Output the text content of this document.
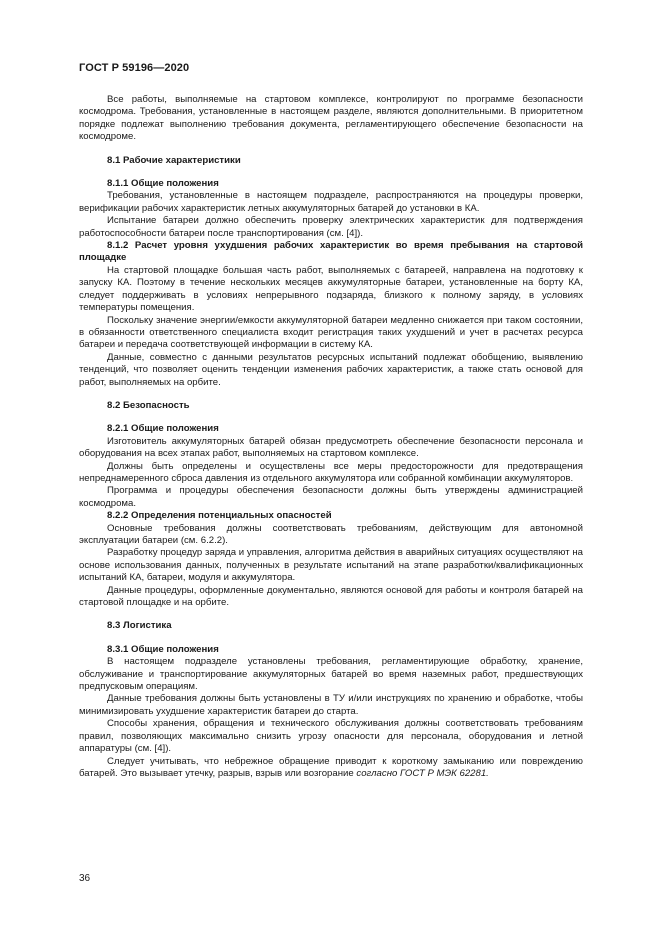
ГОСТ Р 59196—2020

Все работы, выполняемые на стартовом комплексе, контролируют по программе безопасности космодрома. Требования, установленные в настоящем разделе, являются дополнительными. В приоритетном порядке подлежат выполнению требования документа, регламентирующего обеспечение безопасности на космодроме.

8.1 Рабочие характеристики

8.1.1 Общие положения

Требования, установленные в настоящем подразделе, распространяются на процедуры проверки, верификации рабочих характеристик летных аккумуляторных батарей до установки в КА.

Испытание батареи должно обеспечить проверку электрических характеристик для подтверждения работоспособности батареи после транспортирования (см. [4]).

8.1.2 Расчет уровня ухудшения рабочих характеристик во время пребывания на стартовой площадке

На стартовой площадке большая часть работ, выполняемых с батареей, направлена на подготовку к запуску КА. Поэтому в течение нескольких месяцев аккумуляторные батареи, установленные на борту КА, следует поддерживать в условиях непрерывного подзаряда, близкого к полному заряду, в условиях температуры помещения.

Поскольку значение энергии/емкости аккумуляторной батареи медленно снижается при таком состоянии, в обязанности ответственного специалиста входит регистрация таких ухудшений и учет в расчетах ресурса батареи и передача соответствующей информации в систему КА.

Данные, совместно с данными результатов ресурсных испытаний подлежат обобщению, выявлению тенденций, что позволяет оценить тенденции изменения рабочих характеристик, а также стать основой для работ, выполняемых на орбите.

8.2 Безопасность

8.2.1 Общие положения

Изготовитель аккумуляторных батарей обязан предусмотреть обеспечение безопасности персонала и оборудования на всех этапах работ, выполняемых на стартовом комплексе.

Должны быть определены и осуществлены все меры предосторожности для предотвращения непреднамеренного сброса давления из отдельного аккумулятора или собранной комбинации аккумуляторов.

Программа и процедуры обеспечения безопасности должны быть утверждены администрацией космодрома.

8.2.2 Определения потенциальных опасностей

Основные требования должны соответствовать требованиям, действующим для автономной эксплуатации батареи (см. 6.2.2).

Разработку процедур заряда и управления, алгоритма действия в аварийных ситуациях осуществляют на основе использования данных, полученных в результате испытаний на этапе разработки/квалификационных испытаний КА, батареи, модуля и аккумулятора.

Данные процедуры, оформленные документально, являются основой для работы и контроля батарей на стартовой площадке и на орбите.

8.3 Логистика

8.3.1 Общие положения

В настоящем подразделе установлены требования, регламентирующие обработку, хранение, обслуживание и транспортирование аккумуляторных батарей во время наземных работ, предшествующих предпусковым операциям.

Данные требования должны быть установлены в ТУ и/или инструкциях по хранению и обработке, чтобы минимизировать ухудшение характеристик батареи до старта.

Способы хранения, обращения и технического обслуживания должны соответствовать требованиям правил, позволяющих максимально снизить угрозу опасности для персонала, оборудования и летной аппаратуры (см. [4]).

Следует учитывать, что небрежное обращение приводит к короткому замыканию или повреждению батарей. Это вызывает утечку, разрыв, взрыв или возгорание согласно ГОСТ Р МЭК 62281.

36
